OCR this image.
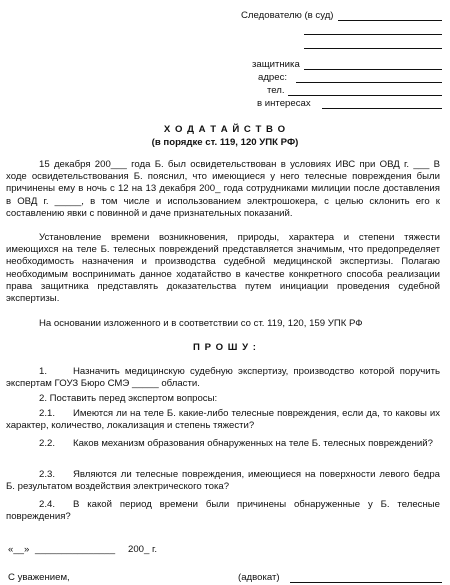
Следователю (в суд)
защитника
адрес:
тел.
в интересах
Х О Д А Т А Й С Т В О
(в порядке ст. 119, 120 УПК РФ)
15 декабря 200___ года Б. был освидетельствован в условиях ИВС при ОВД г. ___ В ходе освидетельствования Б. пояснил, что имеющиеся у него телесные повреждения были причинены ему в ночь с 12 на 13 декабря 200_ года сотрудниками милиции после доставления в ОВД г. _____, в том числе и использованием электрошокера, с целью склонить его к составлению явки с повинной и даче признательных показаний.
Установление времени возникновения, природы, характера и степени тяжести имеющихся на теле Б. телесных повреждений представляется значимым, что предопределяет необходимость назначения и производства судебной медицинской экспертизы. Полагаю необходимым воспринимать данное ходатайство в качестве конкретного способа реализации права защитника представлять доказательства путем инициации проведения судебной экспертизы.
На основании изложенного и в соответствии со ст. 119, 120, 159 УПК РФ
П Р О Ш У :
1.	Назначить медицинскую судебную экспертизу, производство которой поручить экспертам ГОУЗ Бюро СМЭ _____ области.
2. Поставить перед экспертом вопросы:
2.1.	Имеются ли на теле Б. какие-либо телесные повреждения, если да, то каковы их характер, количество, локализация и степень тяжести?
2.2.	Каков механизм образования обнаруженных на теле Б. телесных повреждений?
2.3.	Являются ли телесные повреждения, имеющиеся на поверхности левого бедра Б. результатом воздействия электрического тока?
2.4.	В какой период времени были причинены обнаруженные у Б. телесные повреждения?
«__» _______________ 200_ г.
С уважением,	(адвокат)
